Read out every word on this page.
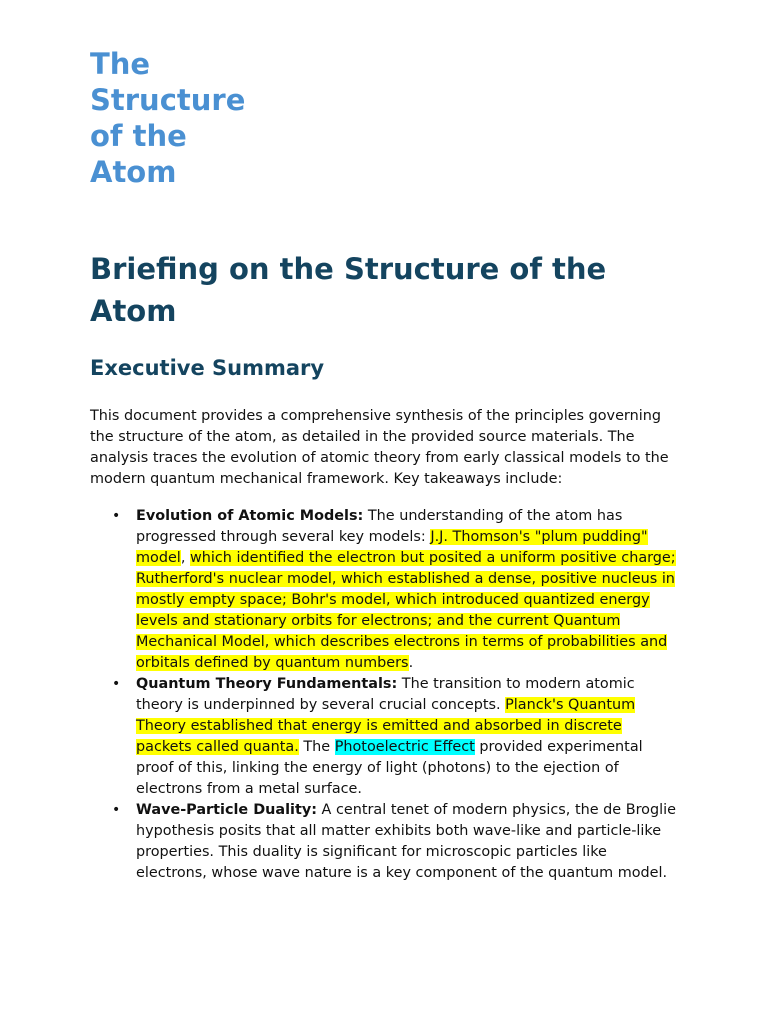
The Structure of the Atom
Briefing on the Structure of the Atom
Executive Summary

This document provides a comprehensive synthesis of the principles governing the structure of the atom, as detailed in the provided source materials. The analysis traces the evolution of atomic theory from early classical models to the modern quantum mechanical framework. Key takeaways include:

• Evolution of Atomic Models: The understanding of the atom has progressed through several key models: J.J. Thomson's "plum pudding" model, which identified the electron but posited a uniform positive charge; Rutherford's nuclear model, which established a dense, positive nucleus in mostly empty space; Bohr's model, which introduced quantized energy levels and stationary orbits for electrons; and the current Quantum Mechanical Model, which describes electrons in terms of probabilities and orbitals defined by quantum numbers.
• Quantum Theory Fundamentals: The transition to modern atomic theory is underpinned by several crucial concepts. Planck's Quantum Theory established that energy is emitted and absorbed in discrete packets called quanta. The Photoelectric Effect provided experimental proof of this, linking the energy of light (photons) to the ejection of electrons from a metal surface.
• Wave-Particle Duality: A central tenet of modern physics, the de Broglie hypothesis posits that all matter exhibits both wave-like and particle-like properties. This duality is significant for microscopic particles like electrons, whose wave nature is a key component of the quantum model.
